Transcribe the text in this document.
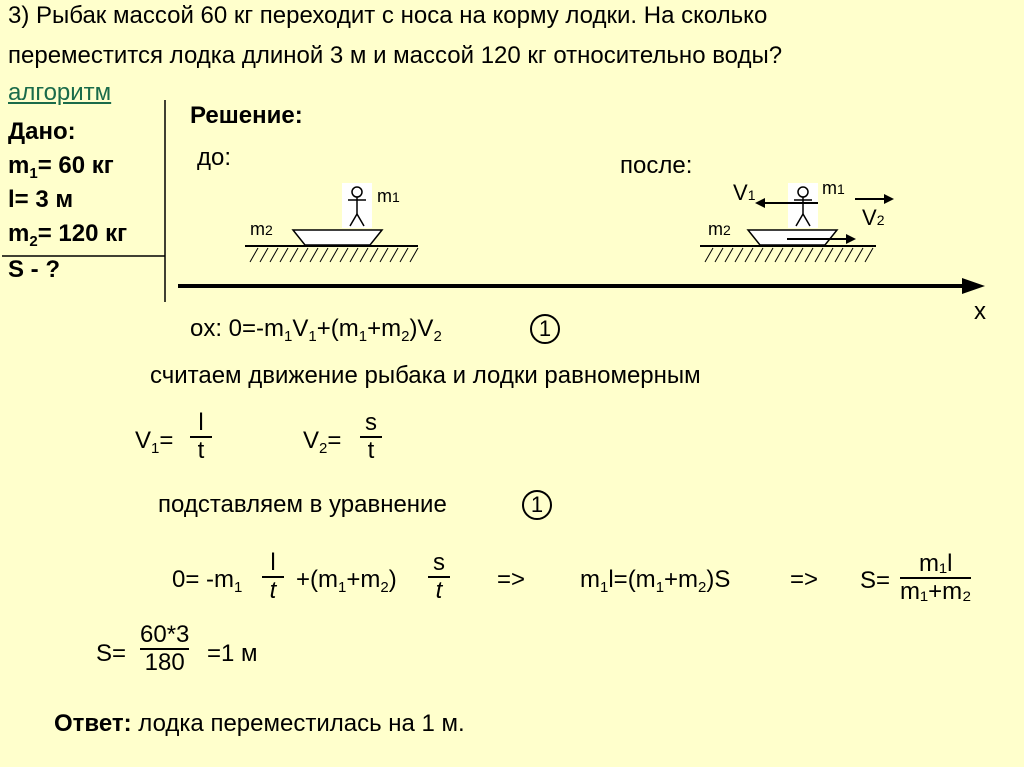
3) Рыбак массой 60 кг переходит с носа на корму лодки. На сколько
переместится лодка длиной 3 м и массой 120 кг относительно воды?
алгоритм
Дано:
$m_1= 60$ кг
l= 3 м
$m_2= 120$ кг
S - ?
Решение:
до:	после:
m1
m2
m1
m2
V1
V2
x
ox: $0=-m_1V_1+(m_1+m_2)V_2$	1
считаем движение рыбака и лодки равномерным
$V_1=$
l
t	$V_2=$
s
t
подставляем в уравнение	1
$0= -m_1$
l
$t +(m_1+m_2)$
s
$t => m_1l=(m_1+m_2)S => S=$
m₁l
m₁+m₂
S=
60*3
180 =1 м
Ответ: лодка переместилась на 1 м.
